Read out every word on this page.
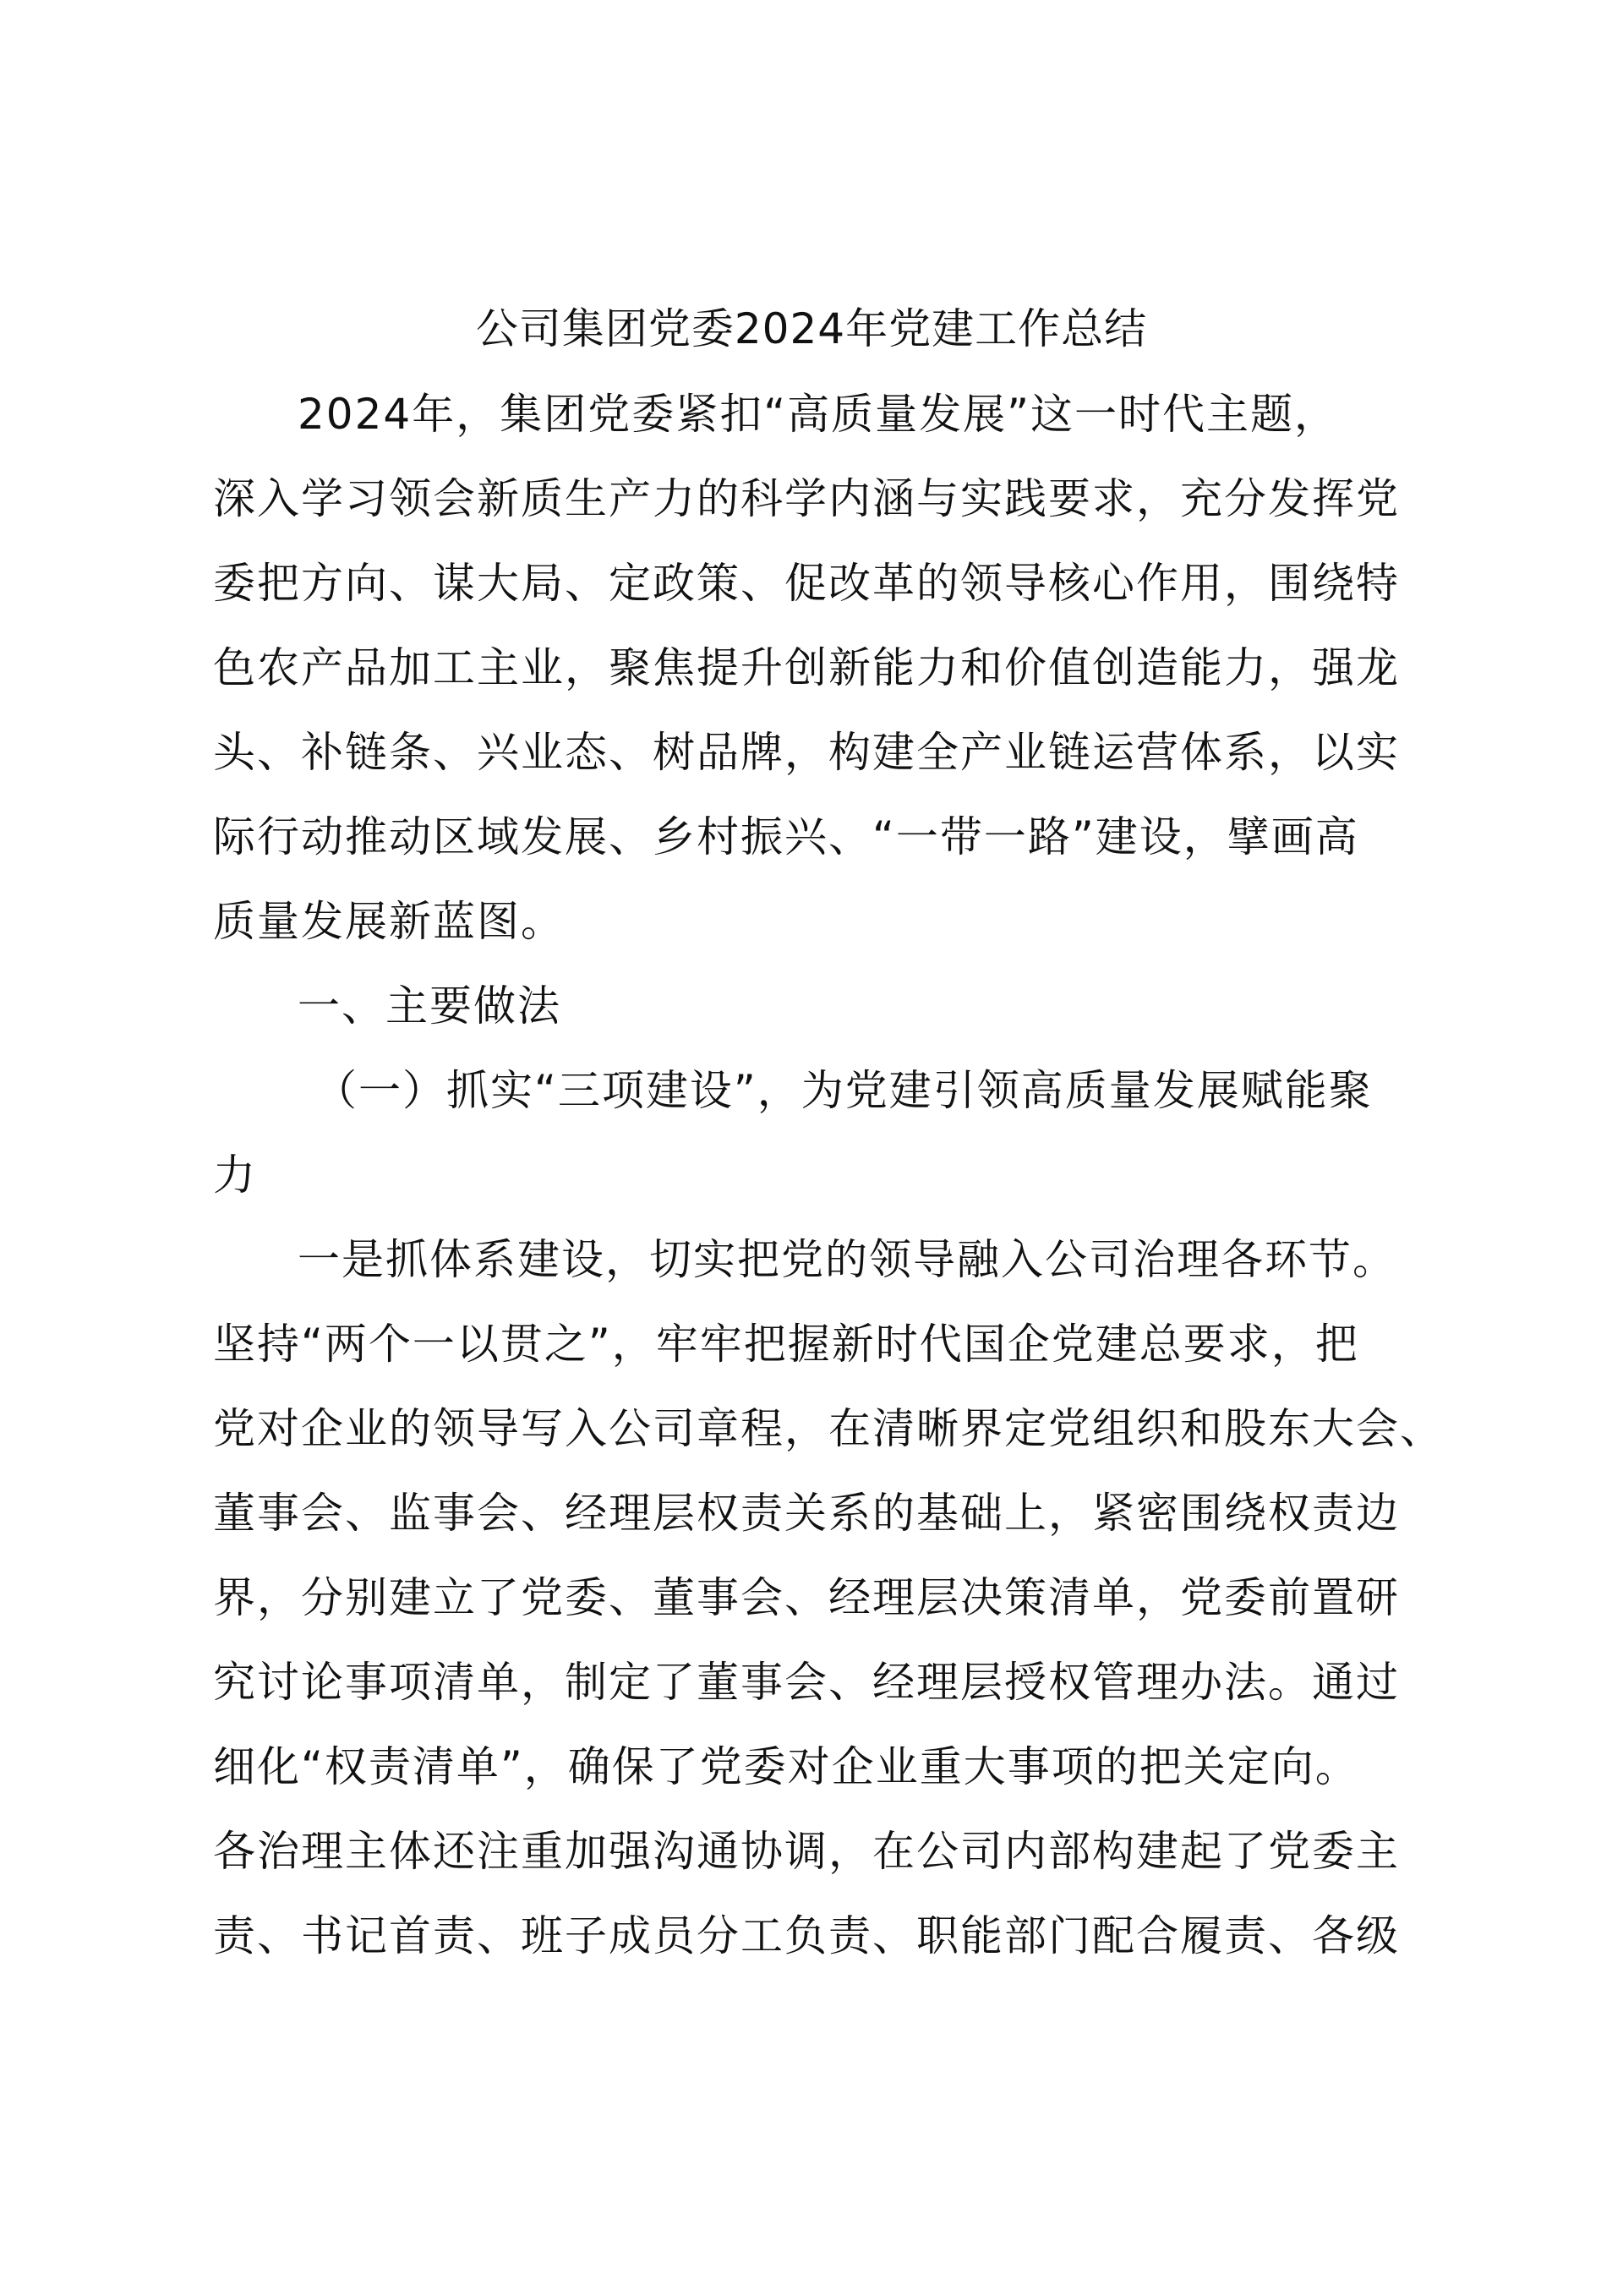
公司集团党委2024年党建工作总结
2024年，集团党委紧扣“高质量发展”这一时代主题，
深入学习领会新质生产力的科学内涵与实践要求，充分发挥党
委把方向、谋大局、定政策、促改革的领导核心作用，围绕特
色农产品加工主业，聚焦提升创新能力和价值创造能力，强龙
头、补链条、兴业态、树品牌，构建全产业链运营体系，以实
际行动推动区域发展、乡村振兴、“一带一路”建设，擘画高
质量发展新蓝图。
一、主要做法
（一）抓实“三项建设”，为党建引领高质量发展赋能聚
力
一是抓体系建设，切实把党的领导融入公司治理各环节。
坚持“两个一以贯之”，牢牢把握新时代国企党建总要求，把
党对企业的领导写入公司章程，在清晰界定党组织和股东大会、
董事会、监事会、经理层权责关系的基础上，紧密围绕权责边
界，分别建立了党委、董事会、经理层决策清单，党委前置研
究讨论事项清单，制定了董事会、经理层授权管理办法。通过
细化“权责清单”，确保了党委对企业重大事项的把关定向。
各治理主体还注重加强沟通协调，在公司内部构建起了党委主
责、书记首责、班子成员分工负责、职能部门配合履责、各级
